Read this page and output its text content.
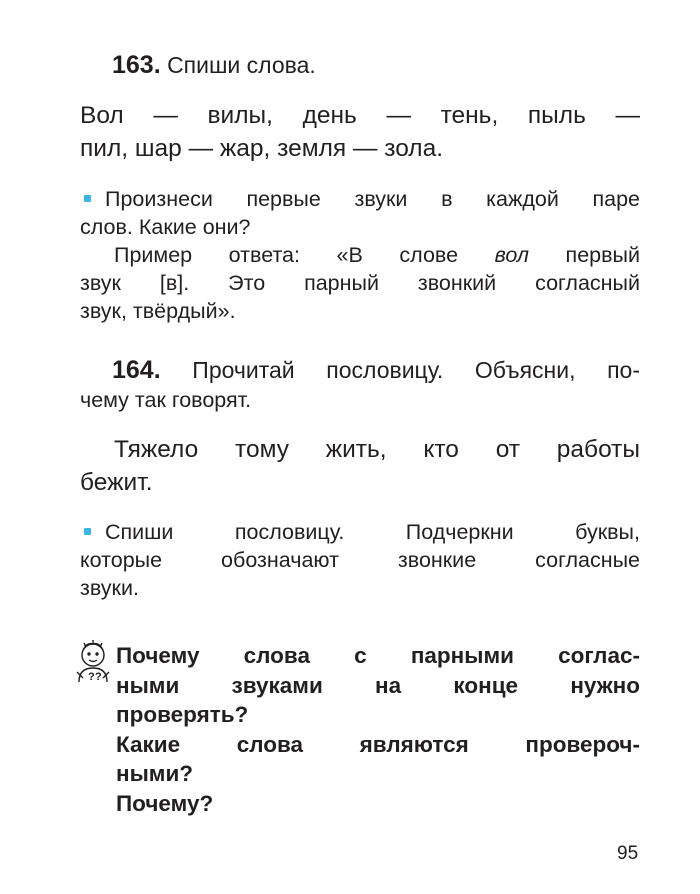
163. Спиши слова.
Вол — вилы, день — тень, пыль —
пил, шар — жар, земля — зола.
Произнеси первые звуки в каждой паре
слов. Какие они?
Пример ответа: «В слове вол первый
звук [в]. Это парный звонкий согласный
звук, твёрдый».
164. Прочитай пословицу. Объясни, по-
чему так говорят.
Тяжело тому жить, кто от работы
бежит.
Спиши пословицу. Подчеркни буквы,
которые обозначают звонкие согласные
звуки.
? ?
Почему слова с парными соглас-
ными звуками на конце нужно
проверять?
Какие слова являются провероч-
ными?
Почему?
95
